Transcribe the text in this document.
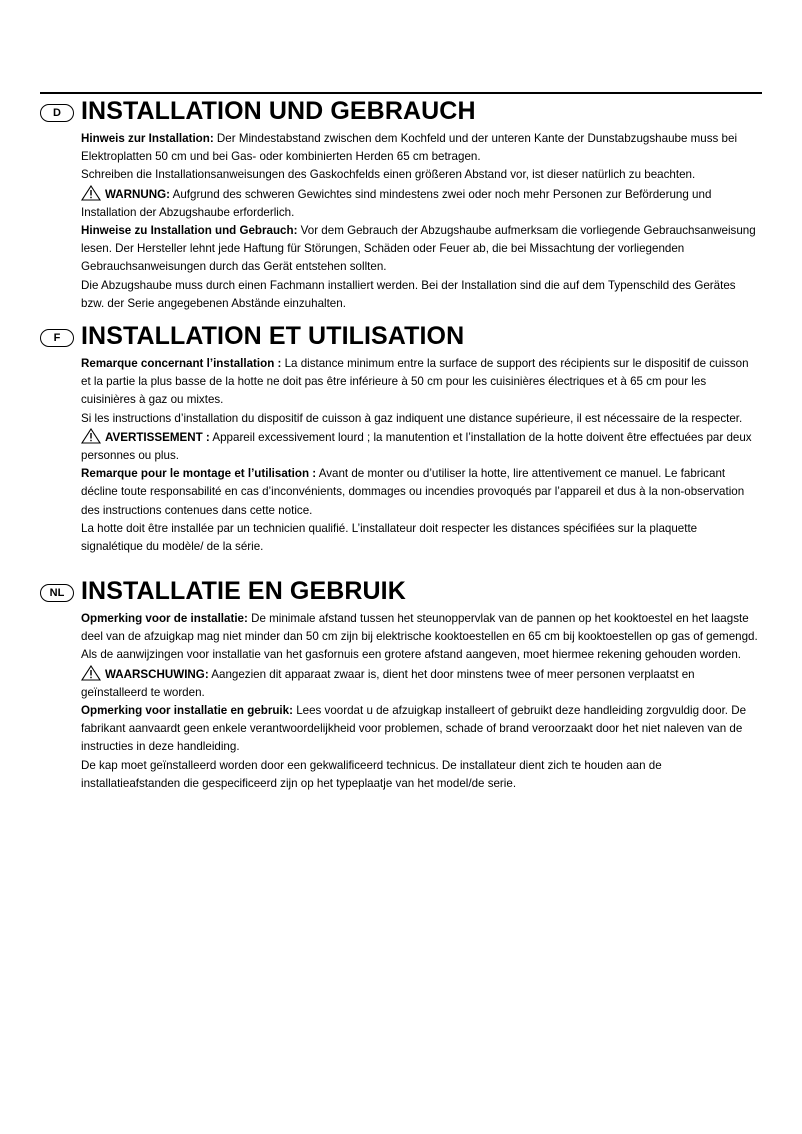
D INSTALLATION UND GEBRAUCH

Hinweis zur Installation: Der Mindestabstand zwischen dem Kochfeld und der unteren Kante der Dunstabzugshaube muss bei Elektroplatten 50 cm und bei Gas- oder kombinierten Herden 65 cm betragen.

Schreiben die Installationsanweisungen des Gaskochfelds einen größeren Abstand vor, ist dieser natürlich zu beachten.

WARNUNG: Aufgrund des schweren Gewichtes sind mindestens zwei oder noch mehr Personen zur Beförderung und Installation der Abzugshaube erforderlich.

Hinweise zu Installation und Gebrauch: Vor dem Gebrauch der Abzugshaube aufmerksam die vorliegende Gebrauchsanweisung lesen. Der Hersteller lehnt jede Haftung für Störungen, Schäden oder Feuer ab, die bei Missachtung der vorliegenden Gebrauchsanweisungen durch das Gerät entstehen sollten.

Die Abzugshaube muss durch einen Fachmann installiert werden. Bei der Installation sind die auf dem Typenschild des Gerätes bzw. der Serie angegebenen Abstände einzuhalten.

F INSTALLATION ET UTILISATION

Remarque concernant l’installation : La distance minimum entre la surface de support des récipients sur le dispositif de cuisson et la partie la plus basse de la hotte ne doit pas être inférieure à 50 cm pour les cuisinières électriques et à 65 cm pour les cuisinières à gaz ou mixtes.

Si les instructions d’installation du dispositif de cuisson à gaz indiquent une distance supérieure, il est nécessaire de la respecter.

AVERTISSEMENT : Appareil excessivement lourd ; la manutention et l’installation de la hotte doivent être effectuées par deux personnes ou plus.

Remarque pour le montage et l’utilisation : Avant de monter ou d’utiliser la hotte, lire attentivement ce manuel. Le fabricant décline toute responsabilité en cas d’inconvénients, dommages ou incendies provoqués par l’appareil et dus à la non-observation des instructions contenues dans cette notice.

La hotte doit être installée par un technicien qualifié. L’installateur doit respecter les distances spécifiées sur la plaquette signalétique du modèle/ de la série.

NL INSTALLATIE EN GEBRUIK

Opmerking voor de installatie: De minimale afstand tussen het steunoppervlak van de pannen op het kooktoestel en het laagste deel van de afzuigkap mag niet minder dan 50 cm zijn bij elektrische kooktoestellen en 65 cm bij kooktoestellen op gas of gemengd.

Als de aanwijzingen voor installatie van het gasfornuis een grotere afstand aangeven, moet hiermee rekening gehouden worden.

WAARSCHUWING: Aangezien dit apparaat zwaar is, dient het door minstens twee of meer personen verplaatst en geïnstalleerd te worden.

Opmerking voor installatie en gebruik: Lees voordat u de afzuigkap installeert of gebruikt deze handleiding zorgvuldig door. De fabrikant aanvaardt geen enkele verantwoordelijkheid voor problemen, schade of brand veroorzaakt door het niet naleven van de instructies in deze handleiding.

De kap moet geïnstalleerd worden door een gekwalificeerd technicus. De installateur dient zich te houden aan de installatieafstanden die gespecificeerd zijn op het typeplaatje van het model/de serie.
